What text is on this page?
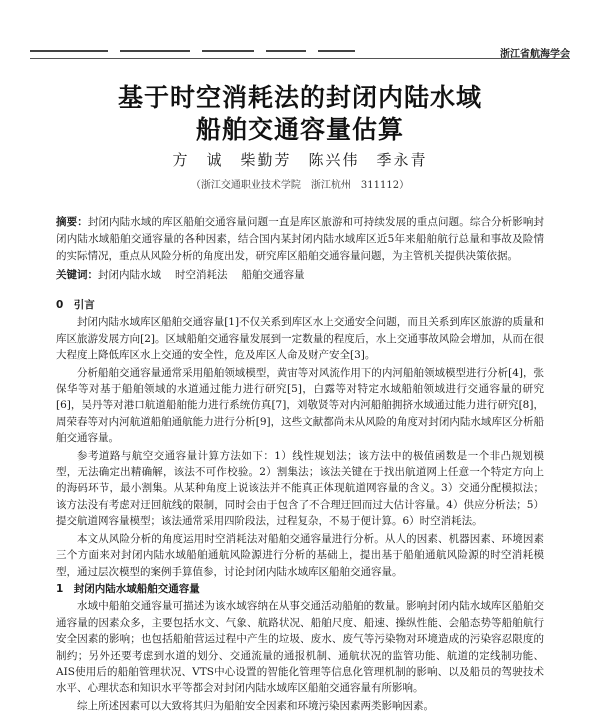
浙江省航海学会
基于时空消耗法的封闭内陆水域
船舶交通容量估算
方　诚　柴勤芳　陈兴伟　季永青
（浙江交通职业技术学院　浙江杭州　311112）

摘要：封闭内陆水域的库区船舶交通容量问题一直是库区旅游和可持续发展的重点问题。综合分析影响封闭内陆水域船舶交通容量的各种因素，结合国内某封闭内陆水域库区近5年来船舶航行总量和事故及险情的实际情况，重点从风险分析的角度出发，研究库区船舶交通容量问题，为主管机关提供决策依据。

关键词：封闭内陆水域 时空消耗法 船舶交通容量

0　引言

封闭内陆水域库区船舶交通容量[1]不仅关系到库区水上交通安全问题，而且关系到库区旅游的质量和库区旅游发展方向[2]。区域船舶交通容量发展到一定数量的程度后，水上交通事故风险会增加，从而在很大程度上降低库区水上交通的安全性，危及库区人命及财产安全[3]。

分析船舶交通容量通常采用船舶领域模型，黄宙等对风流作用下的内河船舶领域模型进行分析[4]，张保华等对基于船舶领域的水道通过能力进行研究[5]，白露等对特定水域船舶领域进行交通容量的研究[6]，吴丹等对港口航道船舶能力进行系统仿真[7]，刘敬贤等对内河船舶拥挤水域通过能力进行研究[8]，周荣春等对内河航道船舶通航能力进行分析[9]，这些文献都尚未从风险的角度对封闭内陆水域库区分析船舶交通容量。

参考道路与航空交通容量计算方法如下：1）线性规划法；该方法中的极值函数是一个非凸规划模型，无法确定出精确解，该法不可作校验。2）割集法；该法关键在于找出航道网上任意一个特定方向上的海码环节，最小割集。从某种角度上说该法并不能真正体现航道网容量的含义。3）交通分配模拟法；该方法没有考虑对迂回航线的限制，同时会由于包含了不合理迂回而过大估计容量。4）供应分析法；5）提交航道网容量模型；该法通常采用四阶段法，过程复杂，不易于便计算。6）时空消耗法。

本文从风险分析的角度运用时空消耗法对船舶交通容量进行分析。从人的因素、机器因素、环境因素三个方面来对封闭内陆水域船舶通航风险源进行分析的基础上，提出基于船舶通航风险源的时空消耗模型，通过层次模型的案例手算值参，讨论封闭内陆水域库区船舶交通容量。

1　封闭内陆水域船舶交通容量

水域中船舶交通容量可描述为该水域容纳在从事交通活动船舶的数量。影响封闭内陆水域库区船舶交通容量的因素众多，主要包括水文、气象、航路状况、船舶尺度、船速、操纵性能、会船态势等船舶航行安全因素的影响；也包括船舶营运过程中产生的垃圾、废水、废气等污染物对环境造成的污染容忍限度的制约；另外还要考虑到水道的划分、交通流量的通报机制、通航状况的监管功能、航道的定线制功能、AIS使用后的船舶管理状况、VTS中心设置的智能化管理等信息化管理机制的影响、以及船员的驾驶技术水平、心理状态和知识水平等都会对封闭内陆水域库区船舶交通容量有所影响。

综上所述因素可以大致将其归为船舶安全因素和环境污染因素两类影响因素。
